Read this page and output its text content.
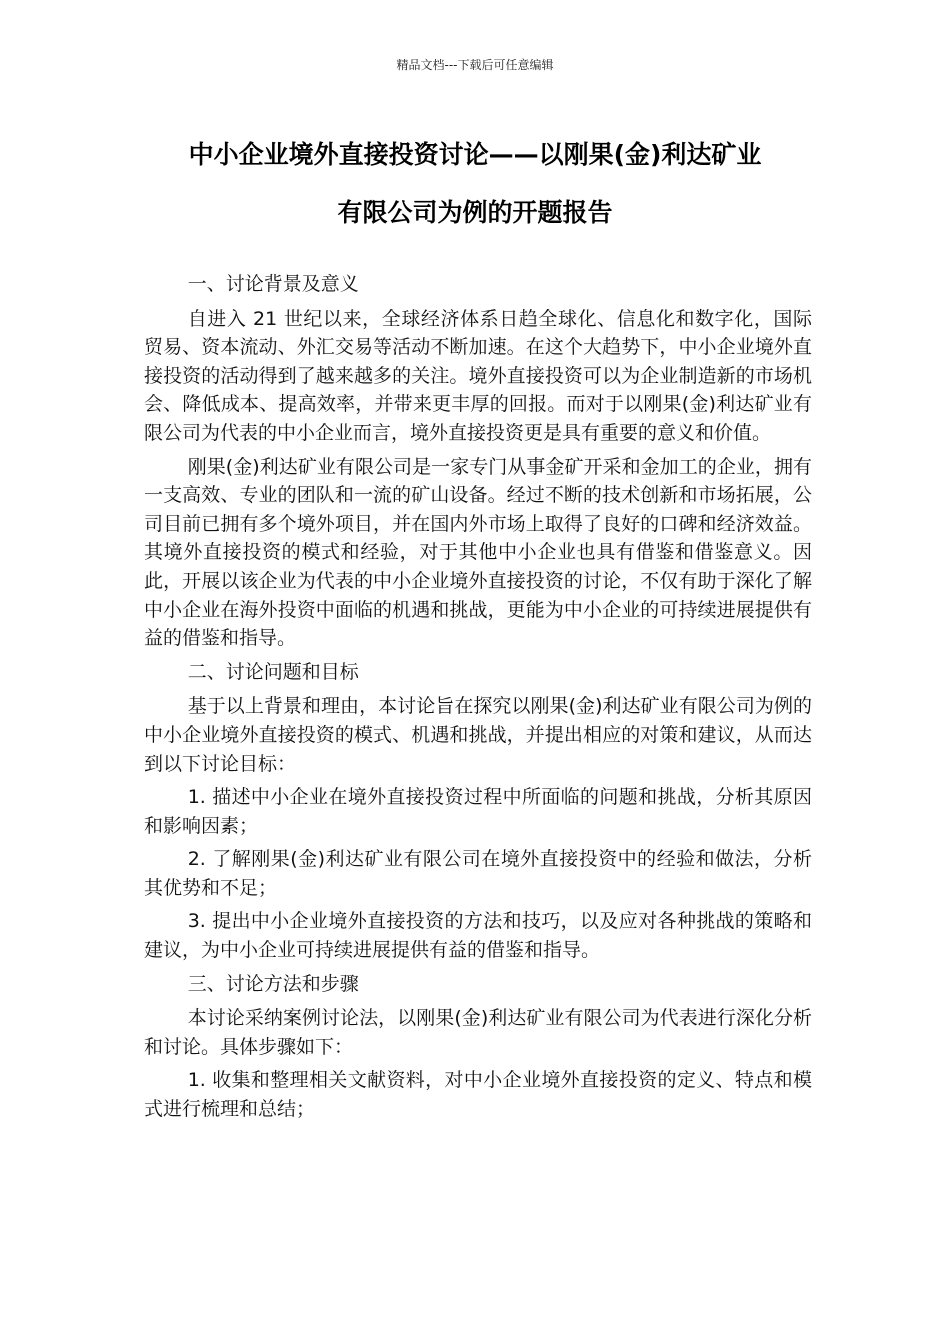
精品文档---下载后可任意编辑
中小企业境外直接投资讨论——以刚果(金)利达矿业
有限公司为例的开题报告

一、讨论背景及意义

自进入 21 世纪以来，全球经济体系日趋全球化、信息化和数字化，国际贸易、资本流动、外汇交易等活动不断加速。在这个大趋势下，中小企业境外直接投资的活动得到了越来越多的关注。境外直接投资可以为企业制造新的市场机会、降低成本、提高效率，并带来更丰厚的回报。而对于以刚果(金)利达矿业有限公司为代表的中小企业而言，境外直接投资更是具有重要的意义和价值。

刚果(金)利达矿业有限公司是一家专门从事金矿开采和金加工的企业，拥有一支高效、专业的团队和一流的矿山设备。经过不断的技术创新和市场拓展，公司目前已拥有多个境外项目，并在国内外市场上取得了良好的口碑和经济效益。其境外直接投资的模式和经验，对于其他中小企业也具有借鉴和借鉴意义。因此，开展以该企业为代表的中小企业境外直接投资的讨论，不仅有助于深化了解中小企业在海外投资中面临的机遇和挑战，更能为中小企业的可持续进展提供有益的借鉴和指导。

二、讨论问题和目标

基于以上背景和理由，本讨论旨在探究以刚果(金)利达矿业有限公司为例的中小企业境外直接投资的模式、机遇和挑战，并提出相应的对策和建议，从而达到以下讨论目标：

1. 描述中小企业在境外直接投资过程中所面临的问题和挑战，分析其原因和影响因素；

2. 了解刚果(金)利达矿业有限公司在境外直接投资中的经验和做法，分析其优势和不足；

3. 提出中小企业境外直接投资的方法和技巧，以及应对各种挑战的策略和建议，为中小企业可持续进展提供有益的借鉴和指导。

三、讨论方法和步骤

本讨论采纳案例讨论法，以刚果(金)利达矿业有限公司为代表进行深化分析和讨论。具体步骤如下：

1. 收集和整理相关文献资料，对中小企业境外直接投资的定义、特点和模式进行梳理和总结；
